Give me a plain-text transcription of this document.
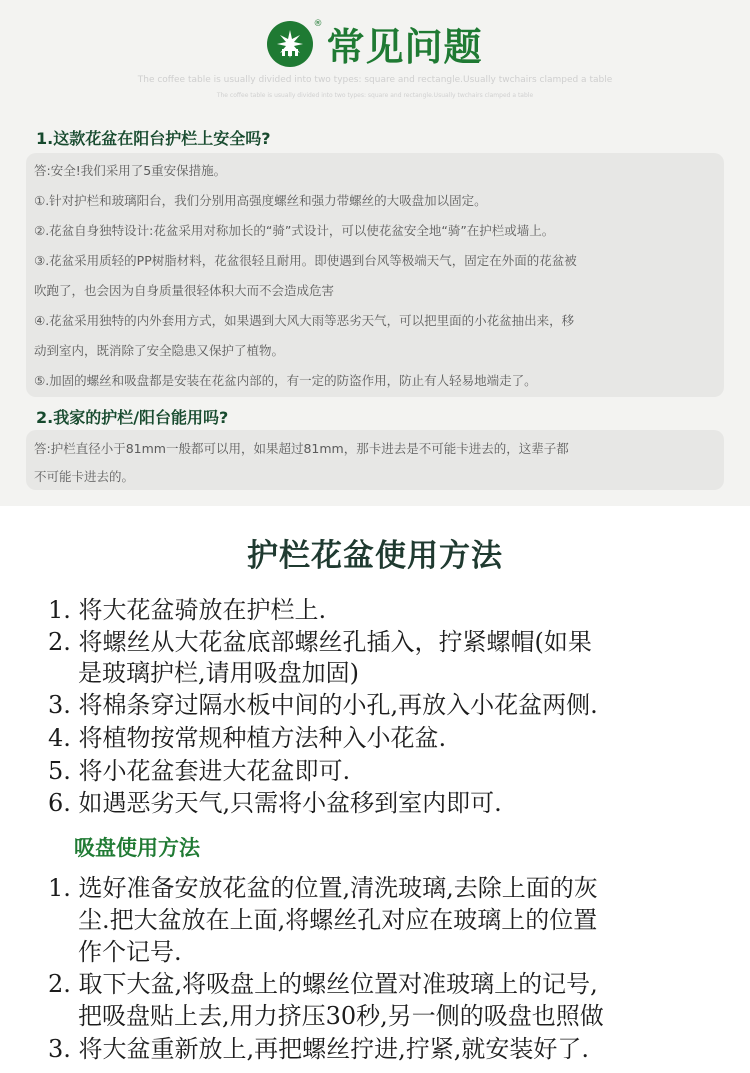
®
常见问题
The coffee table is usually divided into two types: square and rectangle.Usually twchairs clamped a table
The coffee table is usually divided into two types: square and rectangle.Usually twchairs clamped a table
1.这款花盆在阳台护栏上安全吗?
答:安全!我们采用了5重安保措施。
①.针对护栏和玻璃阳台，我们分别用高强度螺丝和强力带螺丝的大吸盘加以固定。
②.花盆自身独特设计:花盆采用对称加长的“骑”式设计，可以使花盆安全地“骑”在护栏或墙上。
③.花盆采用质轻的PP树脂材料，花盆很轻且耐用。即使遇到台风等极端天气，固定在外面的花盆被
吹跑了，也会因为自身质量很轻体积大而不会造成危害
④.花盆采用独特的内外套用方式，如果遇到大风大雨等恶劣天气，可以把里面的小花盆抽出来，移
动到室内，既消除了安全隐患又保护了植物。
⑤.加固的螺丝和吸盘都是安装在花盆内部的，有一定的防盗作用，防止有人轻易地端走了。
2.我家的护栏/阳台能用吗?
答:护栏直径小于81mm一般都可以用，如果超过81mm，那卡进去是不可能卡进去的，这辈子都
不可能卡进去的。
护栏花盆使用方法
1. 将大花盆骑放在护栏上.
2. 将螺丝从大花盆底部螺丝孔插入，拧紧螺帽(如果
是玻璃护栏,请用吸盘加固)
3. 将棉条穿过隔水板中间的小孔,再放入小花盆两侧.
4. 将植物按常规种植方法种入小花盆.
5. 将小花盆套进大花盆即可.
6. 如遇恶劣天气,只需将小盆移到室内即可.
吸盘使用方法
1. 选好准备安放花盆的位置,清洗玻璃,去除上面的灰
尘.把大盆放在上面,将螺丝孔对应在玻璃上的位置
作个记号.
2. 取下大盆,将吸盘上的螺丝位置对准玻璃上的记号,
把吸盘贴上去,用力挤压30秒,另一侧的吸盘也照做
3. 将大盆重新放上,再把螺丝拧进,拧紧,就安装好了.
